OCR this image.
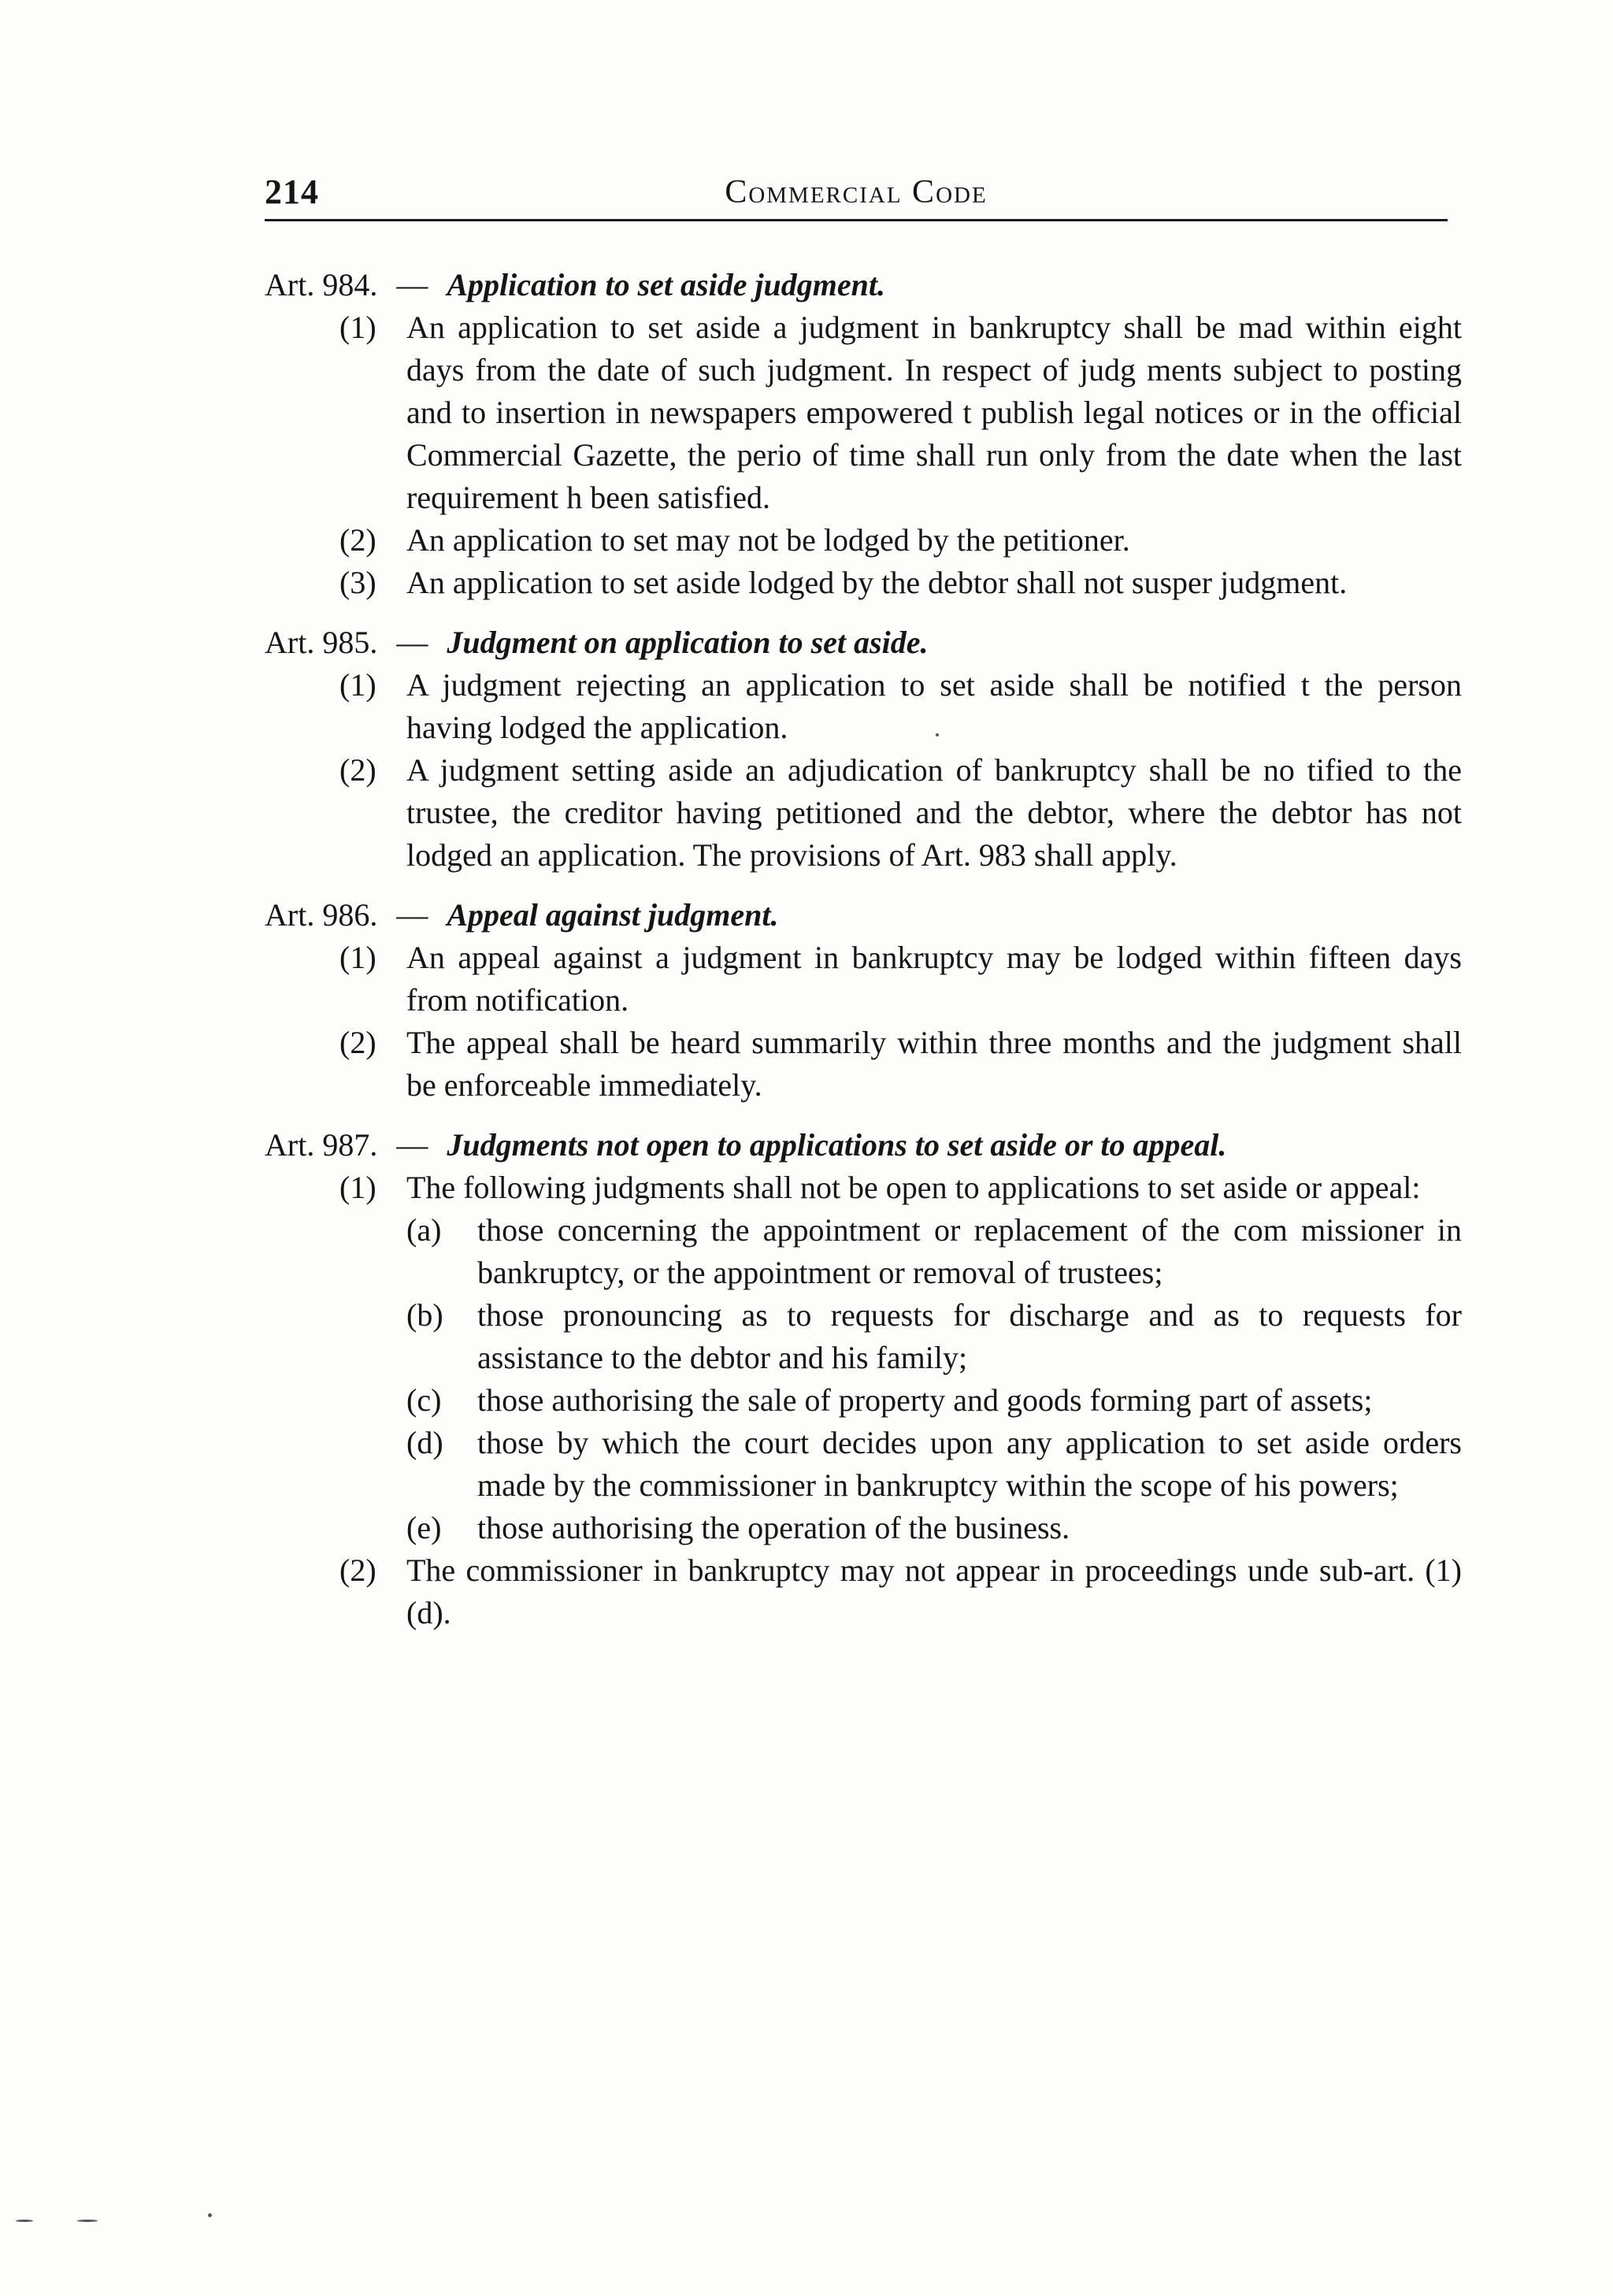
214	Commercial Code
Art. 984. — Application to set aside judgment.
(1) An application to set aside a judgment in bankruptcy shall be mad within eight days from the date of such judgment. In respect of judg ments subject to posting and to insertion in newspapers empowered t publish legal notices or in the official Commercial Gazette, the perio of time shall run only from the date when the last requirement h been satisfied.
(2) An application to set may not be lodged by the petitioner.
(3) An application to set aside lodged by the debtor shall not susper judgment.
Art. 985. — Judgment on application to set aside.
(1) A judgment rejecting an application to set aside shall be notified t the person having lodged the application.
(2) A judgment setting aside an adjudication of bankruptcy shall be no tified to the trustee, the creditor having petitioned and the debtor, where the debtor has not lodged an application. The provisions of Art. 983 shall apply.
Art. 986. — Appeal against judgment.
(1) An appeal against a judgment in bankruptcy may be lodged within fifteen days from notification.
(2) The appeal shall be heard summarily within three months and the judgment shall be enforceable immediately.
Art. 987. — Judgments not open to applications to set aside or to appeal.
(1) The following judgments shall not be open to applications to set aside or appeal:
(a) those concerning the appointment or replacement of the com missioner in bankruptcy, or the appointment or removal of trustees;
(b) those pronouncing as to requests for discharge and as to requests for assistance to the debtor and his family;
(c) those authorising the sale of property and goods forming part of assets;
(d) those by which the court decides upon any application to set aside orders made by the commissioner in bankruptcy within the scope of his powers;
(e) those authorising the operation of the business.
(2) The commissioner in bankruptcy may not appear in proceedings unde sub-art. (1) (d).
